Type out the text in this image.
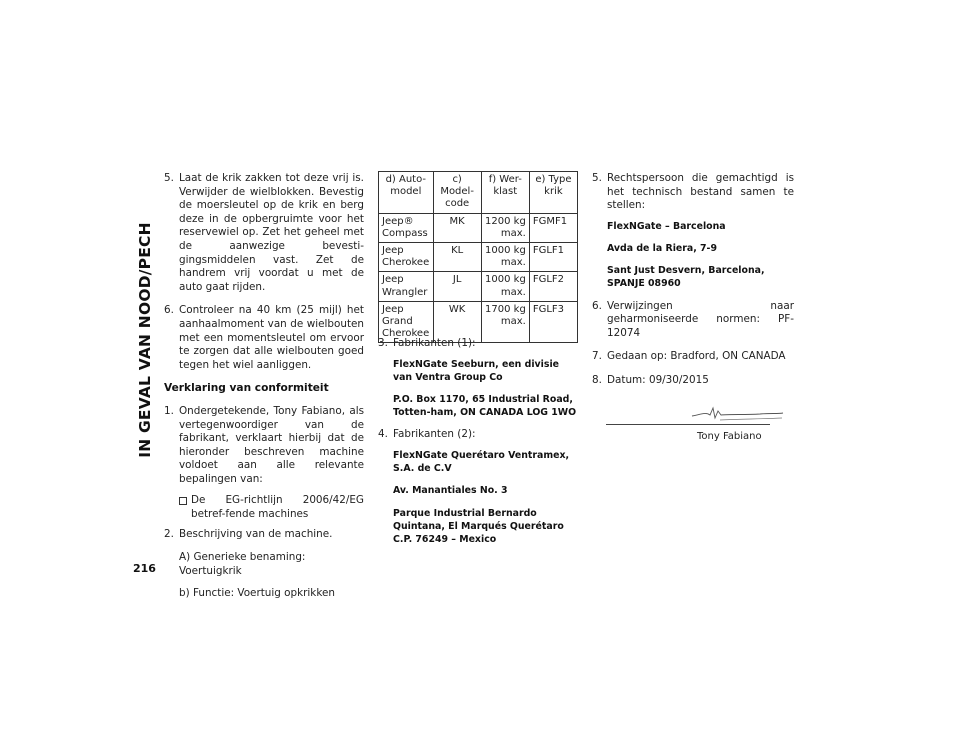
IN GEVAL VAN NOOD/PECH
216
5. Laat de krik zakken tot deze vrij is. Verwijder de wielblokken. Bevestig de moersleutel op de krik en berg deze in de opbergruimte voor het reservewiel op. Zet het geheel met de aanwezige bevesti-gingsmiddelen vast. Zet de handrem vrij voordat u met de auto gaat rijden.
6. Controleer na 40 km (25 mijl) het aanhaalmoment van de wielbouten met een momentsleutel om ervoor te zorgen dat alle wielbouten goed tegen het wiel aanliggen.
Verklaring van conformiteit
1. Ondergetekende, Tony Fabiano, als vertegenwoordiger van de fabrikant, verklaart hierbij dat de hieronder beschreven machine voldoet aan alle relevante bepalingen van:
De EG-richtlijn 2006/42/EG betref-fende machines
2. Beschrijving van de machine.
A) Generieke benaming: Voertuigkrik
b) Functie: Voertuig opkrikken
d) Auto-model	c) Model-code	f) Wer-klast	e) Type krik
Jeep® Compass	MK	1200 kg max.	FGMF1
Jeep Cherokee	KL	1000 kg max.	FGLF1
Jeep Wrangler	JL	1000 kg max.	FGLF2
Jeep Grand Cherokee	WK	1700 kg max.	FGLF3
3. Fabrikanten (1):
FlexNGate Seeburn, een divisie van Ventra Group Co
P.O. Box 1170, 65 Industrial Road, Totten-ham, ON CANADA LOG 1WO
4. Fabrikanten (2):
FlexNGate Querétaro Ventramex, S.A. de C.V
Av. Manantiales No. 3
Parque Industrial Bernardo Quintana, El Marqués Querétaro C.P. 76249 – Mexico
5. Rechtspersoon die gemachtigd is het technisch bestand samen te stellen:
FlexNGate – Barcelona
Avda de la Riera, 7-9
Sant Just Desvern, Barcelona, SPANJE 08960
6. Verwijzingen naar geharmoniseerde normen: PF-12074
7. Gedaan op: Bradford, ON CANADA
8. Datum: 09/30/2015
Tony Fabiano
